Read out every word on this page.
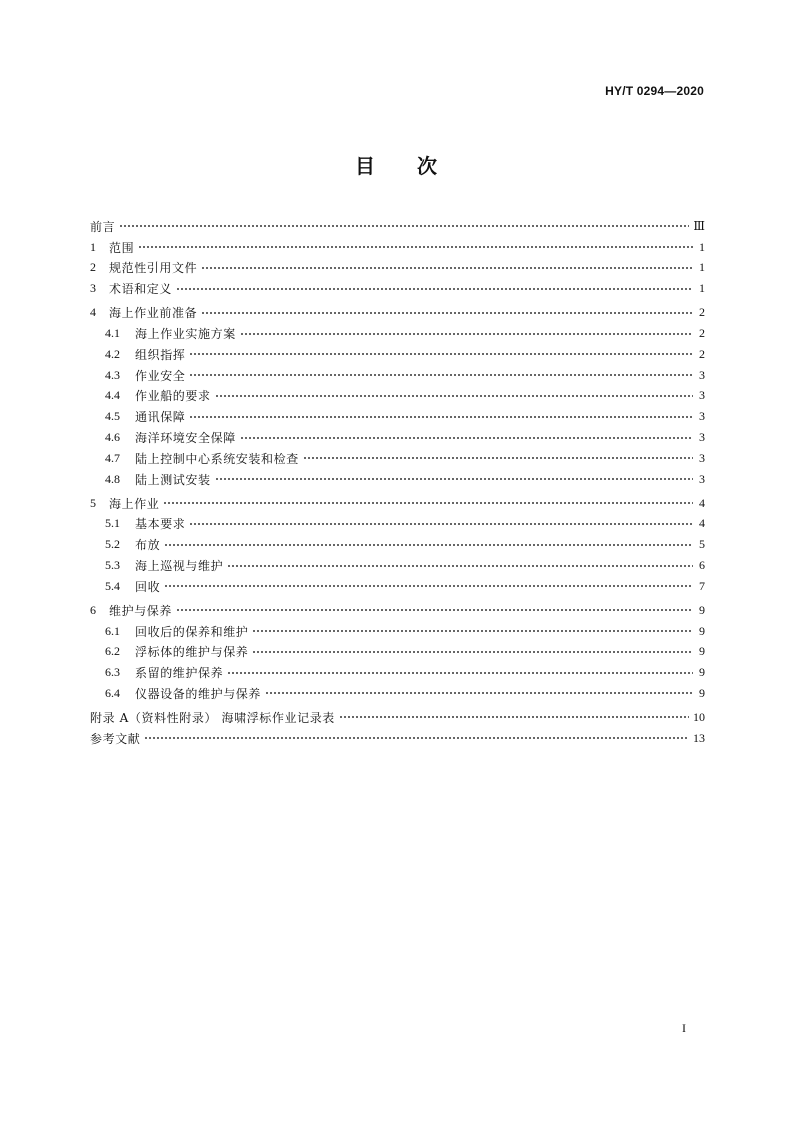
HY/T 0294—2020
目 次
前言	Ⅲ
1	范围	1
2	规范性引用文件	1
3	术语和定义	1
4	海上作业前准备	2
4.1	海上作业实施方案	2
4.2	组织指挥	2
4.3	作业安全	3
4.4	作业船的要求	3
4.5	通讯保障	3
4.6	海洋环境安全保障	3
4.7	陆上控制中心系统安装和检查	3
4.8	陆上测试安装	3
5	海上作业	4
5.1	基本要求	4
5.2	布放	5
5.3	海上巡视与维护	6
5.4	回收	7
6	维护与保养	9
6.1	回收后的保养和维护	9
6.2	浮标体的维护与保养	9
6.3	系留的维护保养	9
6.4	仪器设备的维护与保养	9
附录 A（资料性附录） 海啸浮标作业记录表	10
参考文献	13
I
